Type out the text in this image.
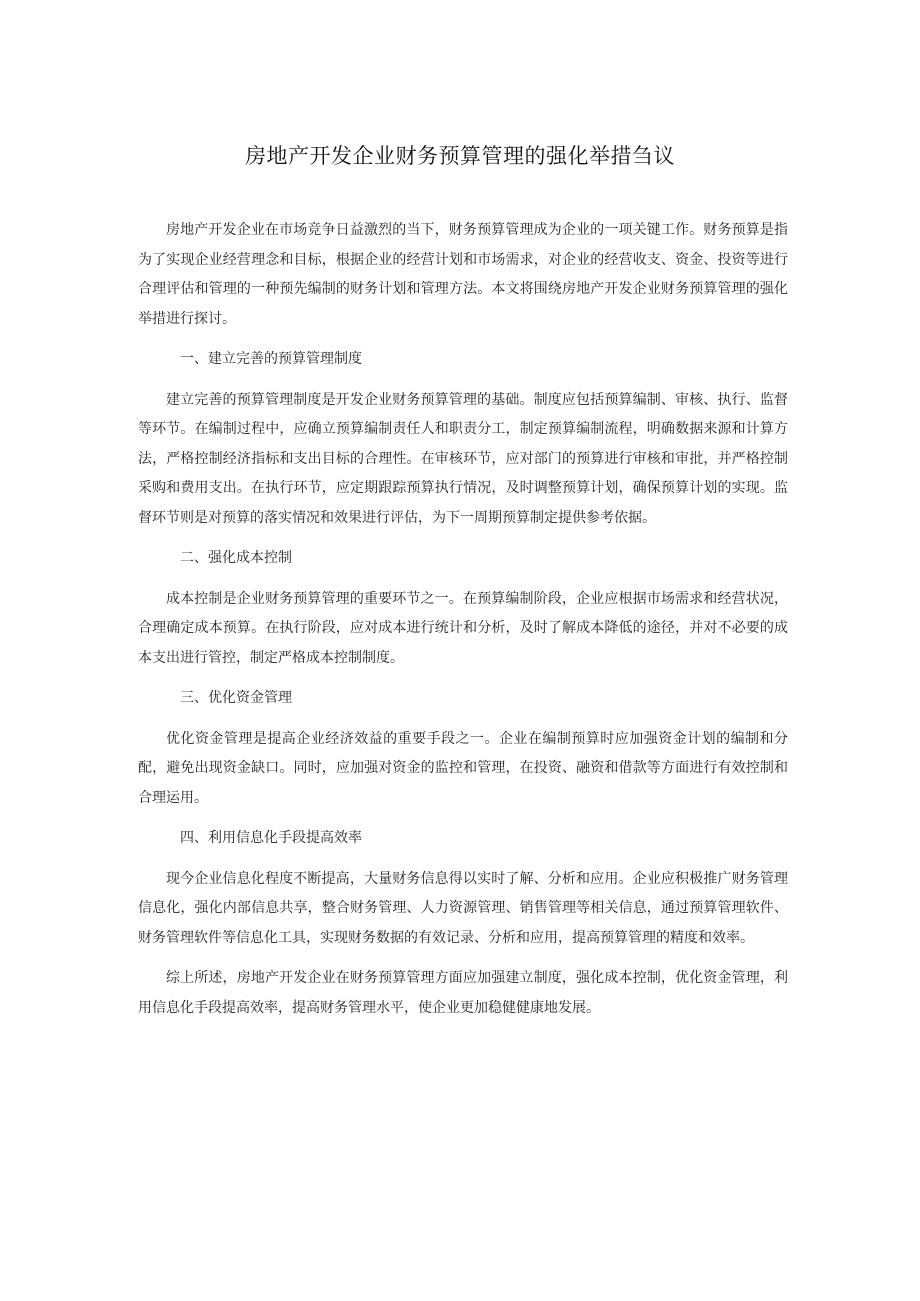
房地产开发企业财务预算管理的强化举措刍议

房地产开发企业在市场竞争日益激烈的当下，财务预算管理成为企业的一项关键工作。财务预算是指为了实现企业经营理念和目标，根据企业的经营计划和市场需求，对企业的经营收支、资金、投资等进行合理评估和管理的一种预先编制的财务计划和管理方法。本文将围绕房地产开发企业财务预算管理的强化举措进行探讨。

一、建立完善的预算管理制度

建立完善的预算管理制度是开发企业财务预算管理的基础。制度应包括预算编制、审核、执行、监督等环节。在编制过程中，应确立预算编制责任人和职责分工，制定预算编制流程，明确数据来源和计算方法，严格控制经济指标和支出目标的合理性。在审核环节，应对部门的预算进行审核和审批，并严格控制采购和费用支出。在执行环节，应定期跟踪预算执行情况，及时调整预算计划，确保预算计划的实现。监督环节则是对预算的落实情况和效果进行评估，为下一周期预算制定提供参考依据。

二、强化成本控制

成本控制是企业财务预算管理的重要环节之一。在预算编制阶段，企业应根据市场需求和经营状况，合理确定成本预算。在执行阶段，应对成本进行统计和分析，及时了解成本降低的途径，并对不必要的成本支出进行管控，制定严格成本控制制度。

三、优化资金管理

优化资金管理是提高企业经济效益的重要手段之一。企业在编制预算时应加强资金计划的编制和分配，避免出现资金缺口。同时，应加强对资金的监控和管理，在投资、融资和借款等方面进行有效控制和合理运用。

四、利用信息化手段提高效率

现今企业信息化程度不断提高，大量财务信息得以实时了解、分析和应用。企业应积极推广财务管理信息化，强化内部信息共享，整合财务管理、人力资源管理、销售管理等相关信息，通过预算管理软件、财务管理软件等信息化工具，实现财务数据的有效记录、分析和应用，提高预算管理的精度和效率。

综上所述，房地产开发企业在财务预算管理方面应加强建立制度，强化成本控制，优化资金管理，利用信息化手段提高效率，提高财务管理水平，使企业更加稳健健康地发展。
